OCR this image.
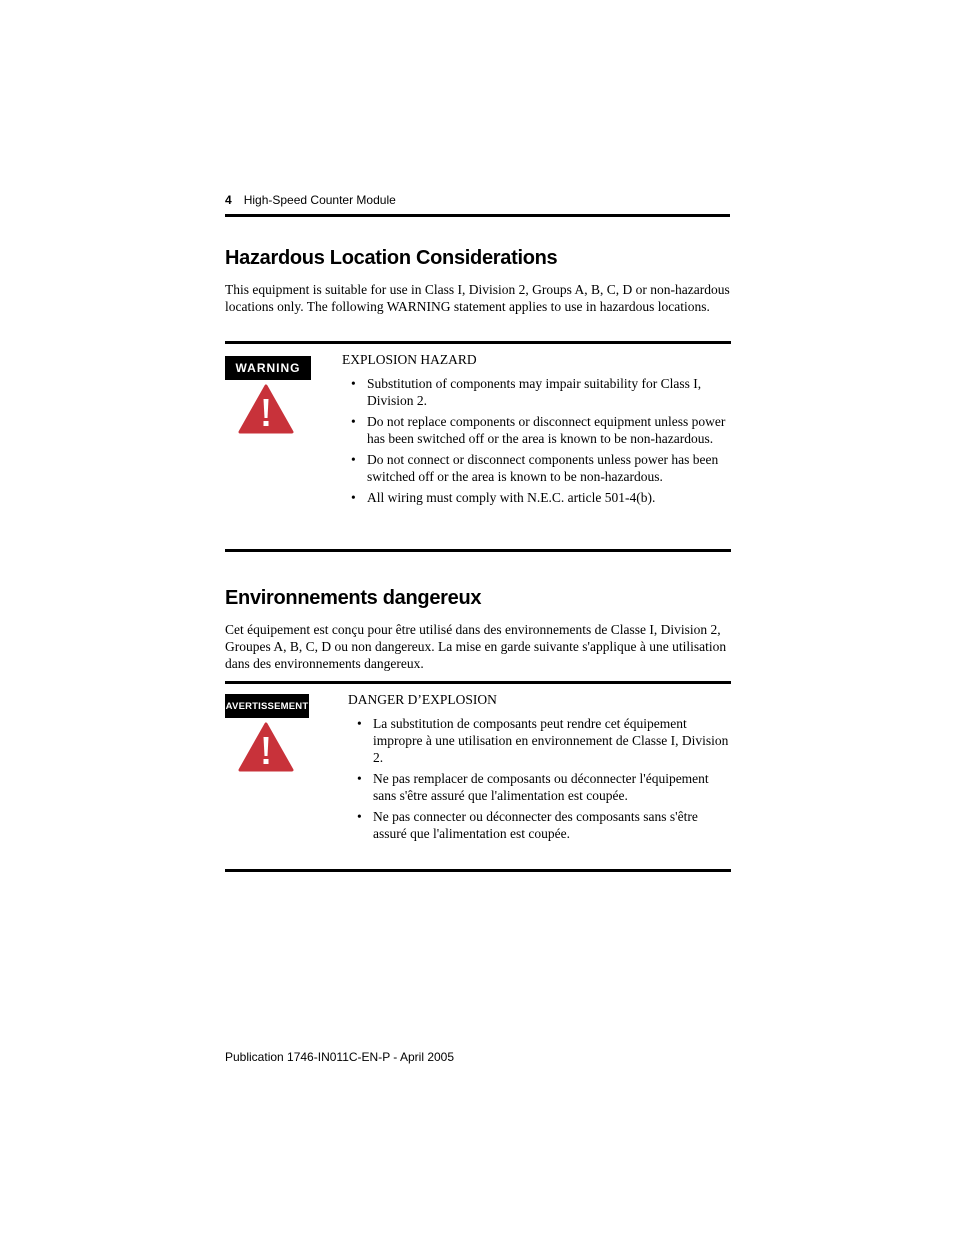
4 High-Speed Counter Module
Hazardous Location Considerations

This equipment is suitable for use in Class I, Division 2, Groups A, B, C, D or non-hazardous locations only. The following WARNING statement applies to use in hazardous locations.

WARNING

EXPLOSION HAZARD

• Substitution of components may impair suitability for Class I, Division 2.
• Do not replace components or disconnect equipment unless power has been switched off or the area is known to be non-hazardous.
• Do not connect or disconnect components unless power has been switched off or the area is known to be non-hazardous.
• All wiring must comply with N.E.C. article 501-4(b).
Environnements dangereux

Cet équipement est conçu pour être utilisé dans des environnements de Classe I, Division 2, Groupes A, B, C, D ou non dangereux. La mise en garde suivante s'applique à une utilisation dans des environnements dangereux.

AVERTISSEMENT	DANGER D’EXPLOSION

• La substitution de composants peut rendre cet équipement impropre à une utilisation en environnement de Classe I, Division 2.
• Ne pas remplacer de composants ou déconnecter l'équipement sans s'être assuré que l'alimentation est coupée.
• Ne pas connecter ou déconnecter des composants sans s'être assuré que l'alimentation est coupée.
Publication 1746-IN011C-EN-P - April 2005
